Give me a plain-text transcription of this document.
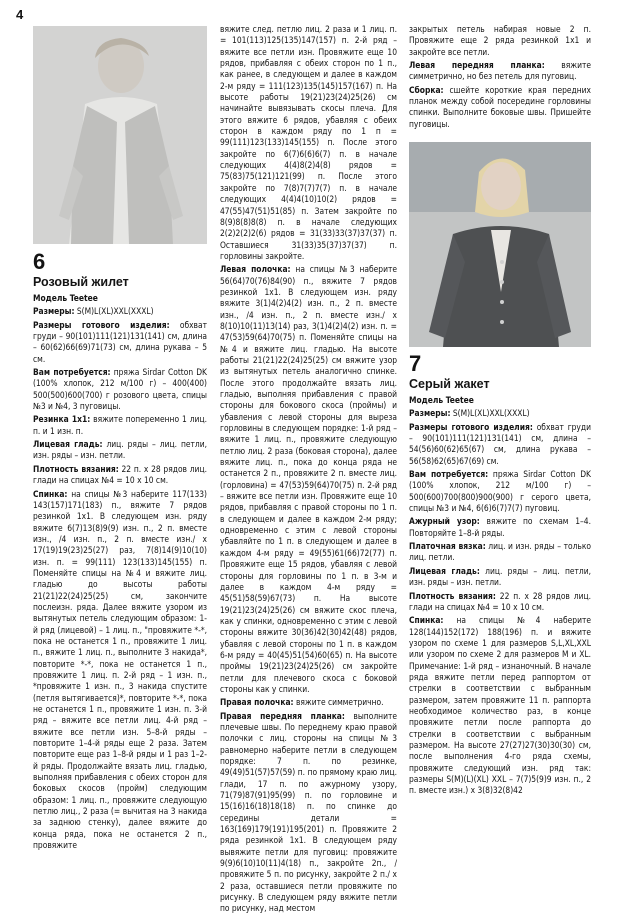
4
6
Розовый жилет
Модель Teetee

Размеры: S(M)L(XL)XXL(XXXL)

Размеры готового изделия: обхват груди – 90(101)111(121)131(141) см, длина – 60(62)66(69)71(73) см, длина рукава – 5 см.

Вам потребуется: пряжа Sirdar Cotton DK (100% хлопок, 212 м/100 г) – 400(400) 500(500)600(700) г розового цвета, спицы №3 и №4, 3 пуговицы.

Резинка 1х1: вяжите попеременно 1 лиц. п. и 1 изн. п.

Лицевая гладь: лиц. ряды – лиц. петли, изн. ряды – изн. петли.

Плотность вязания: 22 п. х 28 рядов лиц. глади на спицах №4 = 10 х 10 см.

Спинка: на спицы №3 наберите 117(133) 143(157)171(183) п., вяжите 7 рядов резинкой 1х1. В следующем изн. ряду вяжите 6(7)13(8)9(9) изн. п., 2 п. вместе изн., /4 изн. п., 2 п. вместе изн./ х 17(19)19(23)25(27) раз, 7(8)14(9)10(10) изн. п. = 99(111) 123(133)145(155) п. Поменяйте спицы на №4 и вяжите лиц. гладью до высоты работы 21(21)22(24)25(25) см, закончите послеизн. ряда. Далее вяжите узором из вытянутых петель следующим образом: 1-й ряд (лицевой) – 1 лиц. п., "провяжите *-*, пока не останется 1 п., провяжите 1 лиц. п., вяжите 1 лиц. п., выполните 3 накида*, повторите *-*, пока не останется 1 п., провяжите 1 лиц. п. 2-й ряд – 1 изн. п., *провяжите 1 изн. п., 3 накида спустите (петля вытягивается)*, повторите *-*, пока не останется 1 п., провяжите 1 изн. п. 3-й ряд – вяжите все петли лиц. 4-й ряд – вяжите все петли изн. 5–8-й ряды – повторите 1–4-й ряды еще 2 раза. Затем повторите еще раз 1–8-й ряды и 1 раз 1–2-й ряды. Продолжайте вязать лиц. гладью, выполняя прибавления с обеих сторон для боковых скосов (пройм) следующим образом: 1 лиц. п., провяжите следующую петлю лиц., 2 раза (= вычитая на 3 накида за заднюю стенку), далее вяжите до конца ряда, пока не останется 2 п., провяжите

вяжите след. петлю лиц. 2 раза и 1 лиц. п. = 101(113)125(135)147(157) п. 2-й ряд – вяжите все петли изн. Провяжите еще 10 рядов, прибавляя с обеих сторон по 1 п., как ранее, в следующем и далее в каждом 2-м ряду = 111(123)135(145)157(167) п. На высоте работы 19(21)23(24)25(26) см начинайте вывязывать скосы плеча. Для этого вяжите 6 рядов, убавляя с обеих сторон в каждом ряду по 1 п = 99(111)123(133)145(155) п. После этого закройте по 6(7)6(6)6(7) п. в начале следующих 4(4)8(2)4(8) рядов = 75(83)75(121)121(99) п. После этого закройте по 7(8)7(7)7(7) п. в начале следующих 4(4)4(10)10(2) рядов = 47(55)47(51)51(85) п. Затем закройте по 8(9)8(8)8(8) п. в начале следующих 2(2)2(2)2(6) рядов = 31(33)33(37)37(37) п. Оставшиеся 31(33)35(37)37(37) п. горловины закройте.

Левая полочка: на спицы №3 наберите 56(64)70(76)84(90) п., вяжите 7 рядов резинкой 1х1. В следующем изн. ряду вяжите 3(1)4(2)4(2) изн. п., 2 п. вместе изн., /4 изн. п., 2 п. вместе изн./ х 8(10)10(11)13(14) раз, 3(1)4(2)4(2) изн. п. = 47(53)59(64)70(75) п. Поменяйте спицы на №4 и вяжите лиц. гладью. На высоте работы 21(21)22(24)25(25) см вяжите узор из вытянутых петель аналогично спинке. После этого продолжайте вязать лиц. гладью, выполняя прибавления с правой стороны для бокового скоса (проймы) и убавления с левой стороны для выреза горловины в следующем порядке: 1-й ряд – вяжите 1 лиц. п., провяжите следующую петлю лиц. 2 раза (боковая сторона), далее вяжите лиц. п., пока до конца ряда не останется 2 п., провяжите 2 п. вместе лиц. (горловина) = 47(53)59(64)70(75) п. 2-й ряд – вяжите все петли изн. Провяжите еще 10 рядов, прибавляя с правой стороны по 1 п. в следующем и далее в каждом 2-м ряду; одновременно с этим с левой стороны убавляйте по 1 п. в следующем и далее в каждом 4-м ряду = 49(55)61(66)72(77) п. Провяжите еще 15 рядов, убавляя с левой стороны для горловины по 1 п. в 3-м и далее в каждом 4-м ряду = 45(51)58(59)67(73) п. На высоте 19(21)23(24)25(26) см вяжите скос плеча, как у спинки, одновременно с этим с левой стороны вяжите 30(36)42(30)42(48) рядов, убавляя с левой стороны по 1 п. в каждом 6-м ряду = 40(45)51(54)60(65) п. На высоте проймы 19(21)23(24)25(26) см закройте петли для плечевого скоса с боковой стороны как у спинки.

Правая полочка: вяжите симметрично.

Правая передняя планка: выполните плечевые швы. По переднему краю правой полочки с лиц. стороны на спицы №3 равномерно наберите петли в следующем порядке: 7 п. по резинке, 49(49)51(57)57(59) п. по прямому краю лиц. глади, 17 п. по ажурному узору, 71(79)87(91)95(99) п. по горловине и 15(16)16(18)18(18) п. по спинке до середины детали = 163(169)179(191)195(201) п. Провяжите 2 ряда резинкой 1х1. В следующем ряду вывяжите петли для пуговиц: провяжите 9(9)6(10)10(11)4(18) п., закройте 2п., /провяжите 5 п. по рисунку, закройте 2 п./ х 2 раза, оставшиеся петли провяжите по рисунку. В следующем ряду вяжите петли по рисунку, над местом

закрытых петель набирая новые 2 п. Провяжите еще 2 ряда резинкой 1х1 и закройте все петли.

Левая передняя планка: вяжите симметрично, но без петель для пуговиц.

Сборка: сшейте короткие края передних планок между собой посередине горловины спинки. Выполните боковые швы. Пришейте пуговицы.

7
Серый жакет
Модель Teetee

Размеры: S(M)L(XL)XXL(XXXL)

Размеры готового изделия: обхват груди – 90(101)111(121)131(141) см, длина – 54(56)60(62)65(67) см, длина рукава – 56(58)62(65)67(69) см.

Вам потребуется: пряжа Sirdar Cotton DK (100% хлопок, 212 м/100 г) – 500(600)700(800)900(900) г серого цвета, спицы №3 и №4, 6(6)6(7)7(7) пуговиц.

Ажурный узор: вяжите по схемам 1–4. Повторяйте 1–8-й ряды.

Платочная вязка: лиц. и изн. ряды – только лиц. петли.

Лицевая гладь: лиц. ряды – лиц. петли, изн. ряды – изн. петли.

Плотность вязания: 22 п. х 28 рядов лиц. глади на спицах №4 = 10 х 10 см.

Спинка: на спицы №4 наберите 128(144)152(172) 188(196) п. и вяжите узором по схеме 1 для размеров S,L,XL,XXL или узором по схеме 2 для размеров M и XL. Примечание: 1-й ряд – изнаночный. В начале ряда вяжите петли перед раппортом от стрелки в соответствии с выбранным размером, затем провяжите 11 п. раппорта необходимое количество раз, в конце провяжите петли после раппорта до стрелки в соответствии с выбранным размером. На высоте 27(27)27(30)30(30) см, после выполнения 4-го ряда схемы, провяжите следующий изн. ряд так: размеры S(M)(L)(XL) XXL – 7(7)5(9)9 изн. п., 2 п. вместе изн.) х 3(8)32(8)42
